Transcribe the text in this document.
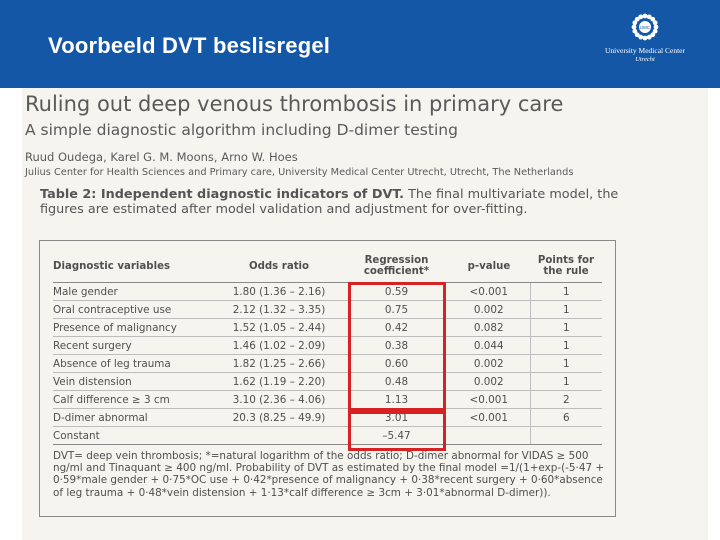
Voorbeeld DVT beslisregel
UMC
University Medical Center
Utrecht
Ruling out deep venous thrombosis in primary care
A simple diagnostic algorithm including D-dimer testing
Ruud Oudega, Karel G. M. Moons, Arno W. Hoes
Julius Center for Health Sciences and Primary care, University Medical Center Utrecht, Utrecht, The Netherlands
Table 2: Independent diagnostic indicators of DVT. The final multivariate model, the figures are estimated after model validation and adjustment for over-fitting.
Diagnostic variables	Odds ratio	Regression coefficient*	p-value	Points for the rule
Male gender	1.80 (1.36 – 2.16)	0.59	<0.001	1
Oral contraceptive use	2.12 (1.32 – 3.35)	0.75	0.002	1
Presence of malignancy	1.52 (1.05 – 2.44)	0.42	0.082	1
Recent surgery	1.46 (1.02 – 2.09)	0.38	0.044	1
Absence of leg trauma	1.82 (1.25 – 2.66)	0.60	0.002	1
Vein distension	1.62 (1.19 – 2.20)	0.48	0.002	1
Calf difference ≥ 3 cm	3.10 (2.36 – 4.06)	1.13	<0.001	2
D-dimer abnormal	20.3 (8.25 – 49.9)	3.01	<0.001	6
Constant		–5.47		
DVT= deep vein thrombosis; *=natural logarithm of the odds ratio; D-dimer abnormal for VIDAS ≥ 500 ng/ml and Tinaquant ≥ 400 ng/ml. Probability of DVT as estimated by the final model =1/(1+exp-(-5·47 + 0·59*male gender + 0·75*OC use + 0·42*presence of malignancy + 0·38*recent surgery + 0·60*absence of leg trauma + 0·48*vein distension + 1·13*calf difference ≥ 3cm + 3·01*abnormal D-dimer)).
